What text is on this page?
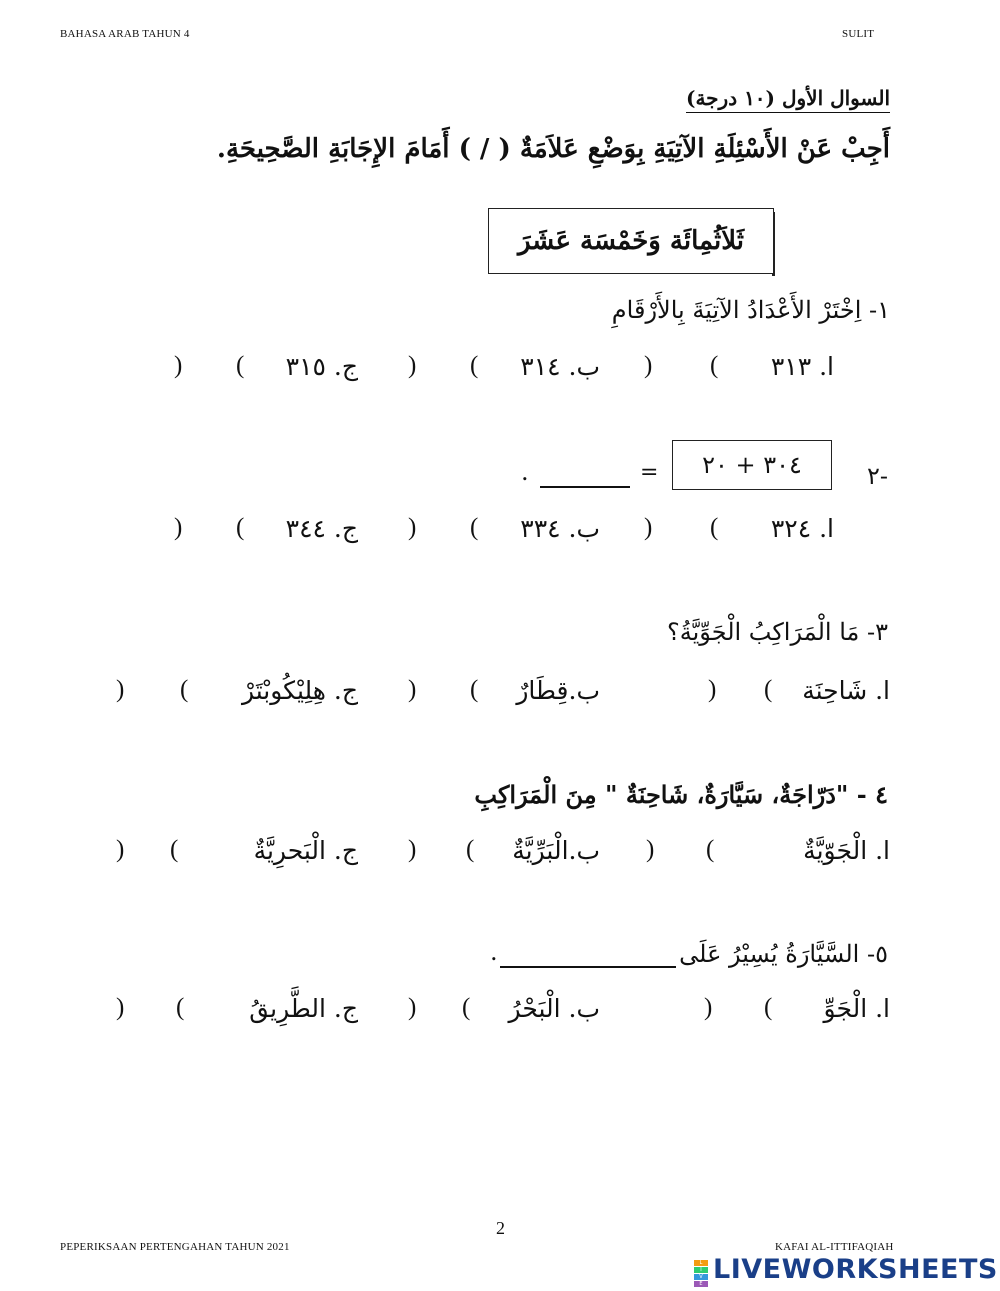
BAHASA ARAB TAHUN 4	SULIT
السوال الأول (١٠ درجة)
أَجِبْ عَنْ الأَسْئِلَةِ الآتِيَةِ بِوَضْعِ عَلاَمَةٌ ( / ) أَمَامَ الإِجَابَةِ الصَّحِيحَةِ.
ثَلاَثُمِائَة وَخَمْسَة عَشَرَ
١- اِخْتَرْ الأَعْدَادُ الآتِيَةَ بِالأَرْقَامِ
ا. ٣١٣
) (
ب. ٣١٤
) (
ج. ٣١٥
) (
-٢
٣٠٤ + ٢٠
=
.
ا. ٣٢٤
) (
ب. ٣٣٤
) (
ج. ٣٤٤
) (
٣- مَا الْمَرَاكِبُ الْجَوِّيَّةُ؟
ا. شَاحِنَة
) (
ب.قِطَارٌ
) (
ج. هِلِيْكُوبْتَرْ
) (
٤ - "دَرّاجَةٌ، سَيَّارَةٌ، شَاحِنَةٌ " مِنَ الْمَرَاكِبِ
ا. الْجَوّيَّةٌ
) (
ب.الْبَرِّيَّةٌ
) (
ج. الْبَحرِيَّةٌ
) (
٥- السَّيَّارَةُ يُسِيْرُ عَلَى
.
ا. الْجَوِّ
) (
ب. الْبَحْرُ
) (
ج. الطَّرِيقُ
) (
2
PEPERIKSAAN PERTENGAHAN TAHUN 2021	KAFAI AL-ITTIFAQIAH
L
I
V
E LIVEWORKSHEETS
